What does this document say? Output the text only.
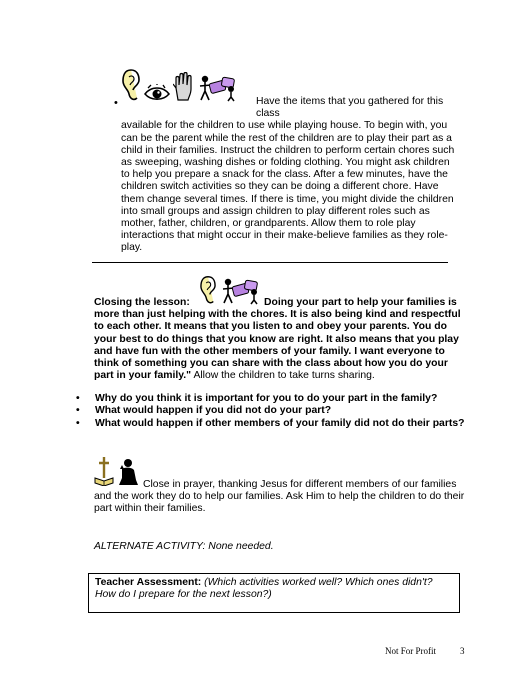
•	Have the items that you gathered for this class
available for the children to use while playing house. To begin with, you
can be the parent while the rest of the children are to play their part as a
child in their families. Instruct the children to perform certain chores such
as sweeping, washing dishes or folding clothing. You might ask children
to help you prepare a snack for the class. After a few minutes, have the
children switch activities so they can be doing a different chore. Have
them change several times. If there is time, you might divide the children
into small groups and assign children to play different roles such as
mother, father, children, or grandparents. Allow them to role play
interactions that might occur in their make-believe families as they role-
play.
Closing the lesson:	Doing your part to help your families is
more than just helping with the chores. It is also being kind and respectful
to each other. It means that you listen to and obey your parents. You do
your best to do things that you know are right. It also means that you play
and have fun with the other members of your family. I want everyone to
think of something you can share with the class about how you do your
part in your family." Allow the children to take turns sharing.
• Why do you think it is important for you to do your part in the family?
• What would happen if you did not do your part?
• What would happen if other members of your family did not do their parts?
Close in prayer, thanking Jesus for different members of our families
and the work they do to help our families. Ask Him to help the children to do their
part within their families.
ALTERNATE ACTIVITY: None needed.
Teacher Assessment: (Which activities worked well? Which ones didn't?
How do I prepare for the next lesson?)
Not For Profit	3
